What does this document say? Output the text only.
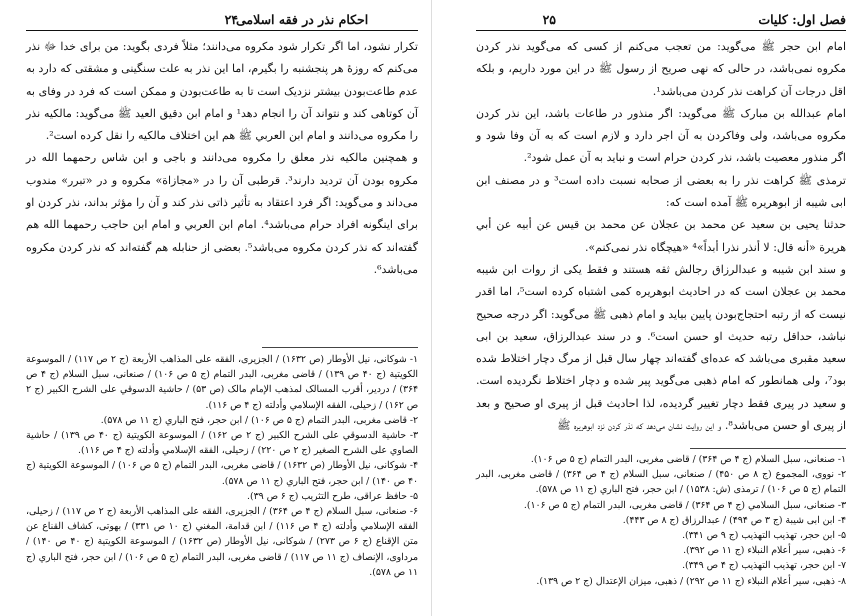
احکام نذر در فقه اسلامی
۲۴

تکرار نشود، اما اگر تکرار شود مکروه می‌دانند؛ مثلاً فردی بگوید: من برای خدا ﷻ نذر می‌کنم که روزهٔ هر پنجشنبه را بگیرم، اما این نذر به علت سنگینی و مشقتی که دارد به عدم طاعت‌بودن بیشتر نزدیک است تا به طاعت‌بودن و ممکن است که فرد در وفای به آن کوتاهی کند و نتواند آن را انجام دهد¹ و امام ابن دقیق العید ﷺ می‌گوید: مالکیه نذر را مکروه می‌دانند و امام ابن العربي ﷺ هم این اختلاف مالکیه را نقل کرده است².

و همچنین مالکیه نذر معلق را مکروه می‌دانند و باجی و ابن شاس رحمهما الله در مکروه بودن آن تردید دارند³. قرطبی آن را در «مجازاة» مکروه و در «تبرر» مندوب می‌داند و می‌گوید: اگر فرد اعتقاد به تأثیر ذاتی نذر کند و آن را مؤثر بداند، نذر کردن او برای اینگونه افراد حرام می‌باشد⁴. امام ابن العربي و امام ابن حاجب رحمهما الله هم گفته‌اند که نذر کردن مکروه می‌باشد⁵. بعضی از حنابله هم گفته‌اند که نذر کردن مکروه می‌باشد⁶.

۱- شوکانی، نیل الأوطار (ص ۱۶۳۲) / الجزیری، الفقه علی المذاهب الأربعة (ج ۲ ص ۱۱۷) / الموسوعة الکویتیة (ج ۴۰ ص ۱۳۹) / قاضی مغربی، البدر التمام (ج ۵ ص ۱۰۶) / صنعانی، سبل السلام (ج ۴ ص ۳۶۴) / دردیر، أقرب المسالک لمذهب الإمام مالک (ص ۵۳) / حاشیة الدسوقي علی الشرح الکبیر (ج ۲ ص ۱۶۲) / زحیلی، الفقه الإسلامي وأدلته (ج ۴ ص ۱۱۶).
۲- قاضی مغربی، البدر التمام (ج ۵ ص ۱۰۶) / ابن حجر، فتح الباري (ج ۱۱ ص ۵۷۸).
۳- حاشیة الدسوقي علی الشرح الکبیر (ج ۲ ص ۱۶۲) / الموسوعة الکویتیة (ج ۴۰ ص ۱۳۹) / حاشیة الصاوي علی الشرح الصغیر (ج ۲ ص ۲۲۰) / زحیلی، الفقه الإسلامي وأدلته (ج ۴ ص ۱۱۶).
۴- شوکانی، نیل الأوطار (ص ۱۶۳۲) / قاضی مغربی، البدر التمام (ج ۵ ص ۱۰۶) / الموسوعة الکویتیة (ج ۴۰ ص ۱۴۰) / ابن حجر، فتح الباري (ج ۱۱ ص ۵۷۸).
۵- حافظ عراقی، طرح التثریب (ج ۶ ص ۳۹).
۶- صنعانی، سبل السلام (ج ۴ ص ۳۶۴) / الجزیری، الفقه علی المذاهب الأربعة (ج ۲ ص ۱۱۷) / زحیلی، الفقه الإسلامي وأدلته (ج ۴ ص ۱۱۶) / ابن قدامة، المغني (ج ۱۰ ص ۳۳۱) / بهوتی، کشاف القناع عن متن الإقناع (ج ۶ ص ۲۷۳) / شوکانی، نیل الأوطار (ص ۱۶۳۲) / الموسوعة الکویتیة (ج ۴۰ ص ۱۴۰) / مرداوی، الإنصاف (ج ۱۱ ص ۱۱۷) / قاضی مغربی، البدر التمام (ج ۵ ص ۱۰۶) / ابن حجر، فتح الباري (ج ۱۱ ص ۵۷۸).
فصل اول: کلیات
۲۵

امام ابن حجر ﷺ می‌گوید: من تعجب می‌کنم از کسی که می‌گوید نذر کردن مکروه نمی‌باشد، در حالی که نهی صریح از رسول ﷺ در این مورد داریم، و بلکه اقل درجات آن کراهت نذر کردن می‌باشد¹.

امام عبدالله بن مبارک ﷺ می‌گوید: اگر منذور در طاعات باشد، این نذر کردن مکروه می‌باشد، ولی وفاکردن به آن اجر دارد و لازم است که به آن وفا شود و اگر منذور معصیت باشد، نذر کردن حرام است و نباید به آن عمل شود².

ترمذی ﷺ کراهت نذر را به بعضی از صحابه نسبت داده است³ و در مصنف ابن ابی شیبه از ابوهریره ﷺ آمده است که:

حدثنا يحيى بن سعيد عن محمد بن عجلان عن محمد بن قيس عن أبيه عن أبي هريرة «أنه قال: لا أنذر نذرا أبداً»⁴ «هیچگاه نذر نمی‌کنم».

و سند ابن شیبه و عبدالرزاق رجالش ثقه هستند و فقط یکی از روات ابن شیبه محمد بن عجلان است که در احادیث ابوهریره کمی اشتباه کرده است⁵، اما اقدر نیست که از رتبه احتجاج‌بودن پایین بیاید و امام ذهبی ﷺ می‌گوید: اگر درجه صحیح نباشد، حداقل رتبه حدیث او حسن است⁶. و در سند عبدالرزاق، سعید بن ابی سعید مقبری می‌باشد که عده‌ای گفته‌اند چهار سال قبل از مرگ دچار اختلاط شده بود⁷، ولی همانطور که امام ذهبی می‌گوید پیر شده و دچار اختلاط نگردیده است. و سعید در پیری فقط دچار تغییر گردیده، لذا احادیث قبل از پیری او صحیح و بعد از پیری او حسن می‌باشد⁸. و این روایت نشان می‌دهد که نذر کردن نزد ابوهریره ﷺ

۱- صنعانی، سبل السلام (ج ۴ ص ۳۶۴) / قاضی مغربی، البدر التمام (ج ۵ ص ۱۰۶).
۲- نووی، المجموع (ج ۸ ص ۴۵۰) / صنعانی، سبل السلام (ج ۴ ص ۳۶۴) / قاضی مغربی، البدر التمام (ج ۵ ص ۱۰۶) / ترمذی (ش: ۱۵۳۸) / ابن حجر، فتح الباري (ج ۱۱ ص ۵۷۸).
۳- صنعانی، سبل السلامي (ج ۴ ص ۳۶۴) / قاضی مغربی، البدر التمام (ج ۵ ص ۱۰۶).
۴- ابن ابی شیبة (ج ۳ ص ۴۹۴) / عبدالرزاق (ج ۸ ص ۴۴۳).
۵- ابن حجر، تهذیب التهذیب (ج ۹ ص ۳۴۱).
۶- ذهبی، سیر أعلام النبلاء (ج ۱۱ ص ۳۹۲).
۷- ابن حجر، تهذیب التهذیب (ج ۴ ص ۳۴۹).
۸- ذهبی، سیر أعلام النبلاء (ج ۱۱ ص ۲۹۲) / ذهبی، میزان الإعتدال (ج ۲ ص ۱۳۹).
